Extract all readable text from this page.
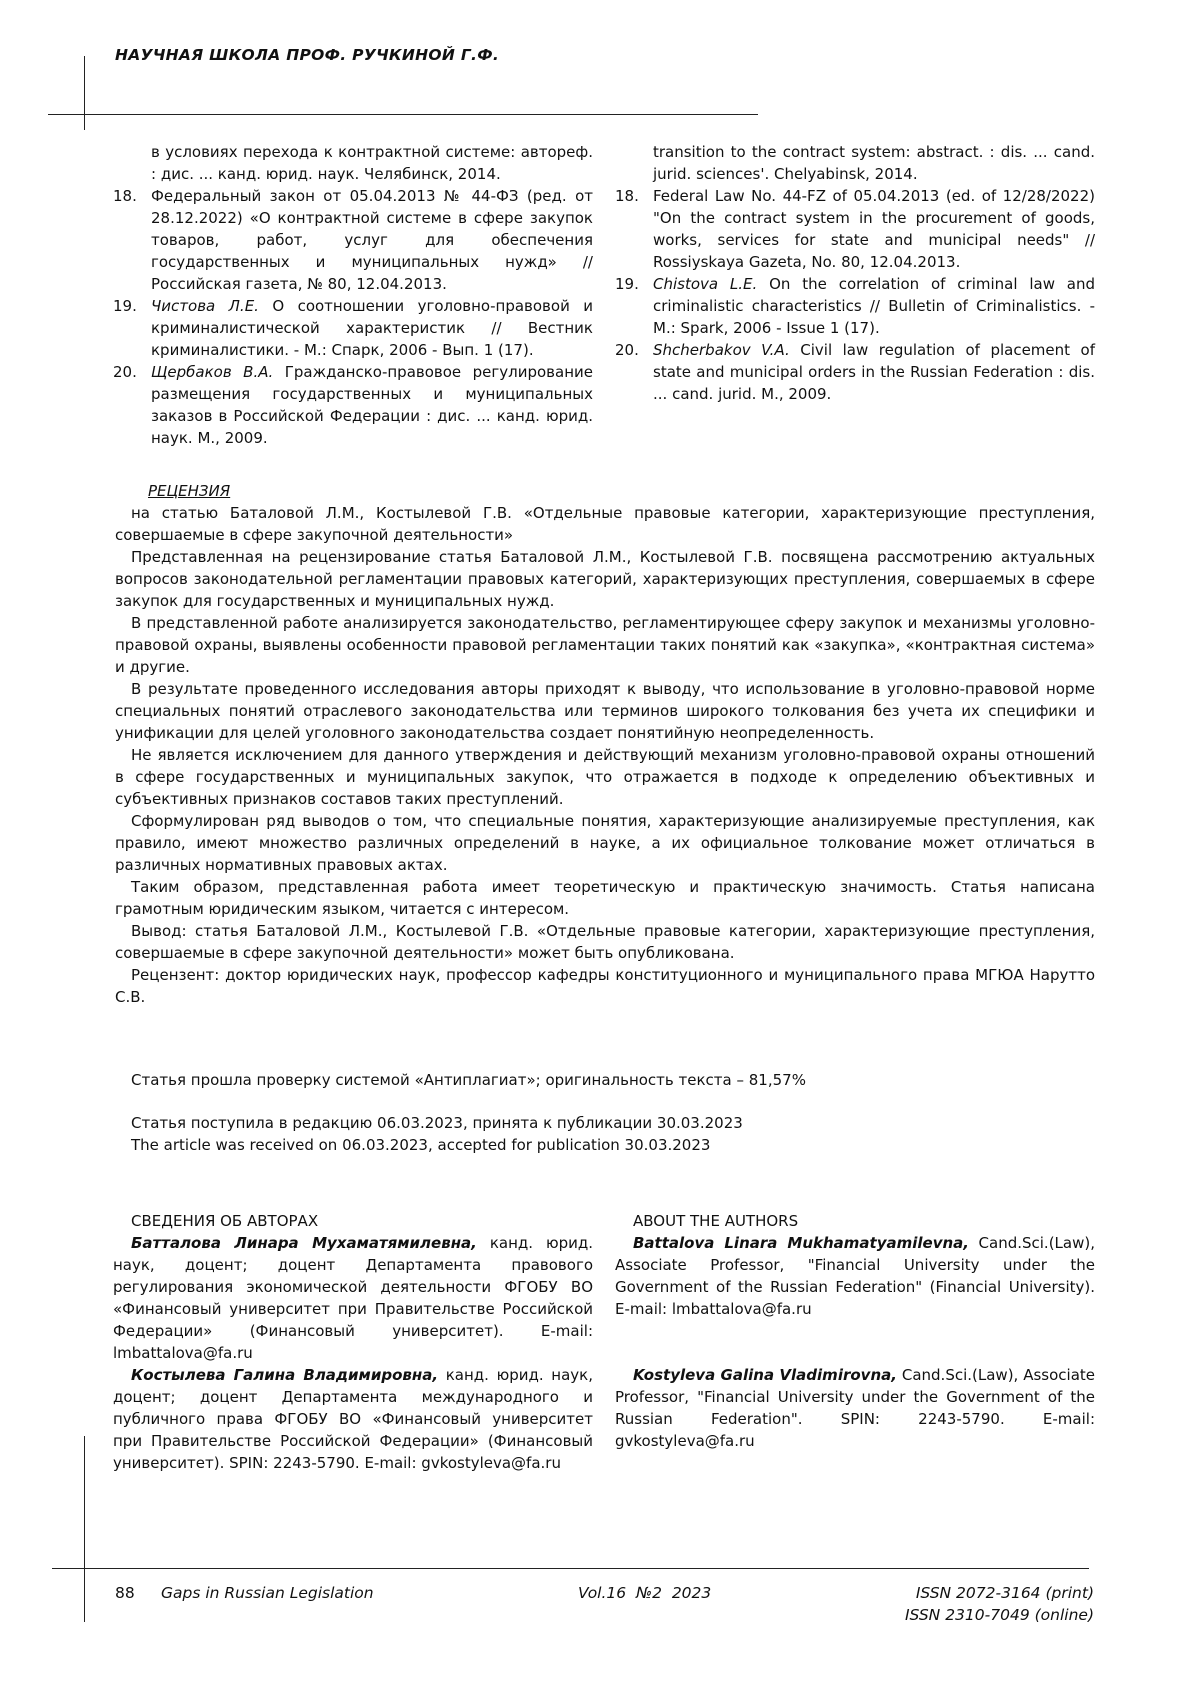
НАУЧНАЯ ШКОЛА ПРОФ. РУЧКИНОЙ Г.Ф.
в условиях перехода к контрактной системе: автореф. : дис. ... канд. юрид. наук. Челябинск, 2014.
18. Федеральный закон от 05.04.2013 № 44-ФЗ (ред. от 28.12.2022) «О контрактной системе в сфере закупок товаров, работ, услуг для обеспечения государственных и муниципальных нужд» // Российская газета, № 80, 12.04.2013.
19. Чистова Л.Е. О соотношении уголовно-правовой и криминалистической характеристик // Вестник криминалистики. - М.: Спарк, 2006 - Вып. 1 (17).
20. Щербаков В.А. Гражданско-правовое регулирование размещения государственных и муниципальных заказов в Российской Федерации : дис. ... канд. юрид. наук. М., 2009.
transition to the contract system: abstract. : dis. ... cand. jurid. sciences'. Chelyabinsk, 2014.
18. Federal Law No. 44-FZ of 05.04.2013 (ed. of 12/28/2022) "On the contract system in the procurement of goods, works, services for state and municipal needs" // Rossiyskaya Gazeta, No. 80, 12.04.2013.
19. Chistova L.E. On the correlation of criminal law and criminalistic characteristics // Bulletin of Criminalistics. - M.: Spark, 2006 - Issue 1 (17).
20. Shcherbakov V.A. Civil law regulation of placement of state and municipal orders in the Russian Federation : dis. ... cand. jurid. M., 2009.
РЕЦЕНЗИЯ

на статью Баталовой Л.М., Костылевой Г.В. «Отдельные правовые категории, характеризующие преступления, совершаемые в сфере закупочной деятельности»

Представленная на рецензирование статья Баталовой Л.М., Костылевой Г.В. посвящена рассмотрению актуальных вопросов законодательной регламентации правовых категорий, характеризующих преступления, совершаемых в сфере закупок для государственных и муниципальных нужд.

В представленной работе анализируется законодательство, регламентирующее сферу закупок и механизмы уголовно-правовой охраны, выявлены особенности правовой регламентации таких понятий как «закупка», «контрактная система» и другие.

В результате проведенного исследования авторы приходят к выводу, что использование в уголовно-правовой норме специальных понятий отраслевого законодательства или терминов широкого толкования без учета их специфики и унификации для целей уголовного законодательства создает понятийную неопределенность.

Не является исключением для данного утверждения и действующий механизм уголовно-правовой охраны отношений в сфере государственных и муниципальных закупок, что отражается в подходе к определению объективных и субъективных признаков составов таких преступлений.

Сформулирован ряд выводов о том, что специальные понятия, характеризующие анализируемые преступления, как правило, имеют множество различных определений в науке, а их официальное толкование может отличаться в различных нормативных правовых актах.

Таким образом, представленная работа имеет теоретическую и практическую значимость. Статья написана грамотным юридическим языком, читается с интересом.

Вывод: статья Баталовой Л.М., Костылевой Г.В. «Отдельные правовые категории, характеризующие преступления, совершаемые в сфере закупочной деятельности» может быть опубликована.

Рецензент: доктор юридических наук, профессор кафедры конституционного и муниципального права МГЮА Нарутто С.В.

Статья прошла проверку системой «Антиплагиат»; оригинальность текста – 81,57%
Статья поступила в редакцию 06.03.2023, принята к публикации 30.03.2023
The article was received on 06.03.2023, accepted for publication 30.03.2023
СВЕДЕНИЯ ОБ АВТОРАХ

Батталова Линара Мухаматямилевна, канд. юрид. наук, доцент; доцент Департамента правового регулирования экономической деятельности ФГОБУ ВО «Финансовый университет при Правительстве Российской Федерации» (Финансовый университет). E-mail: lmbattalova@fa.ru

Костылева Галина Владимировна, канд. юрид. наук, доцент; доцент Департамента международного и публичного права ФГОБУ ВО «Финансовый университет при Правительстве Российской Федерации» (Финансовый университет). SPIN: 2243-5790. E-mail: gvkostyleva@fa.ru

ABOUT THE AUTHORS

Battalova Linara Mukhamatyamilevna, Cand.Sci.(Law), Associate Professor, "Financial University under the Government of the Russian Federation" (Financial University). E-mail: lmbattalova@fa.ru

Kostyleva Galina Vladimirovna, Cand.Sci.(Law), Associate Professor, "Financial University under the Government of the Russian Federation". SPIN: 2243-5790. E-mail: gvkostyleva@fa.ru

88 Gaps in Russian Legislation	Vol.16  №2  2023	ISSN 2072-3164 (print)
ISSN 2310-7049 (online)
